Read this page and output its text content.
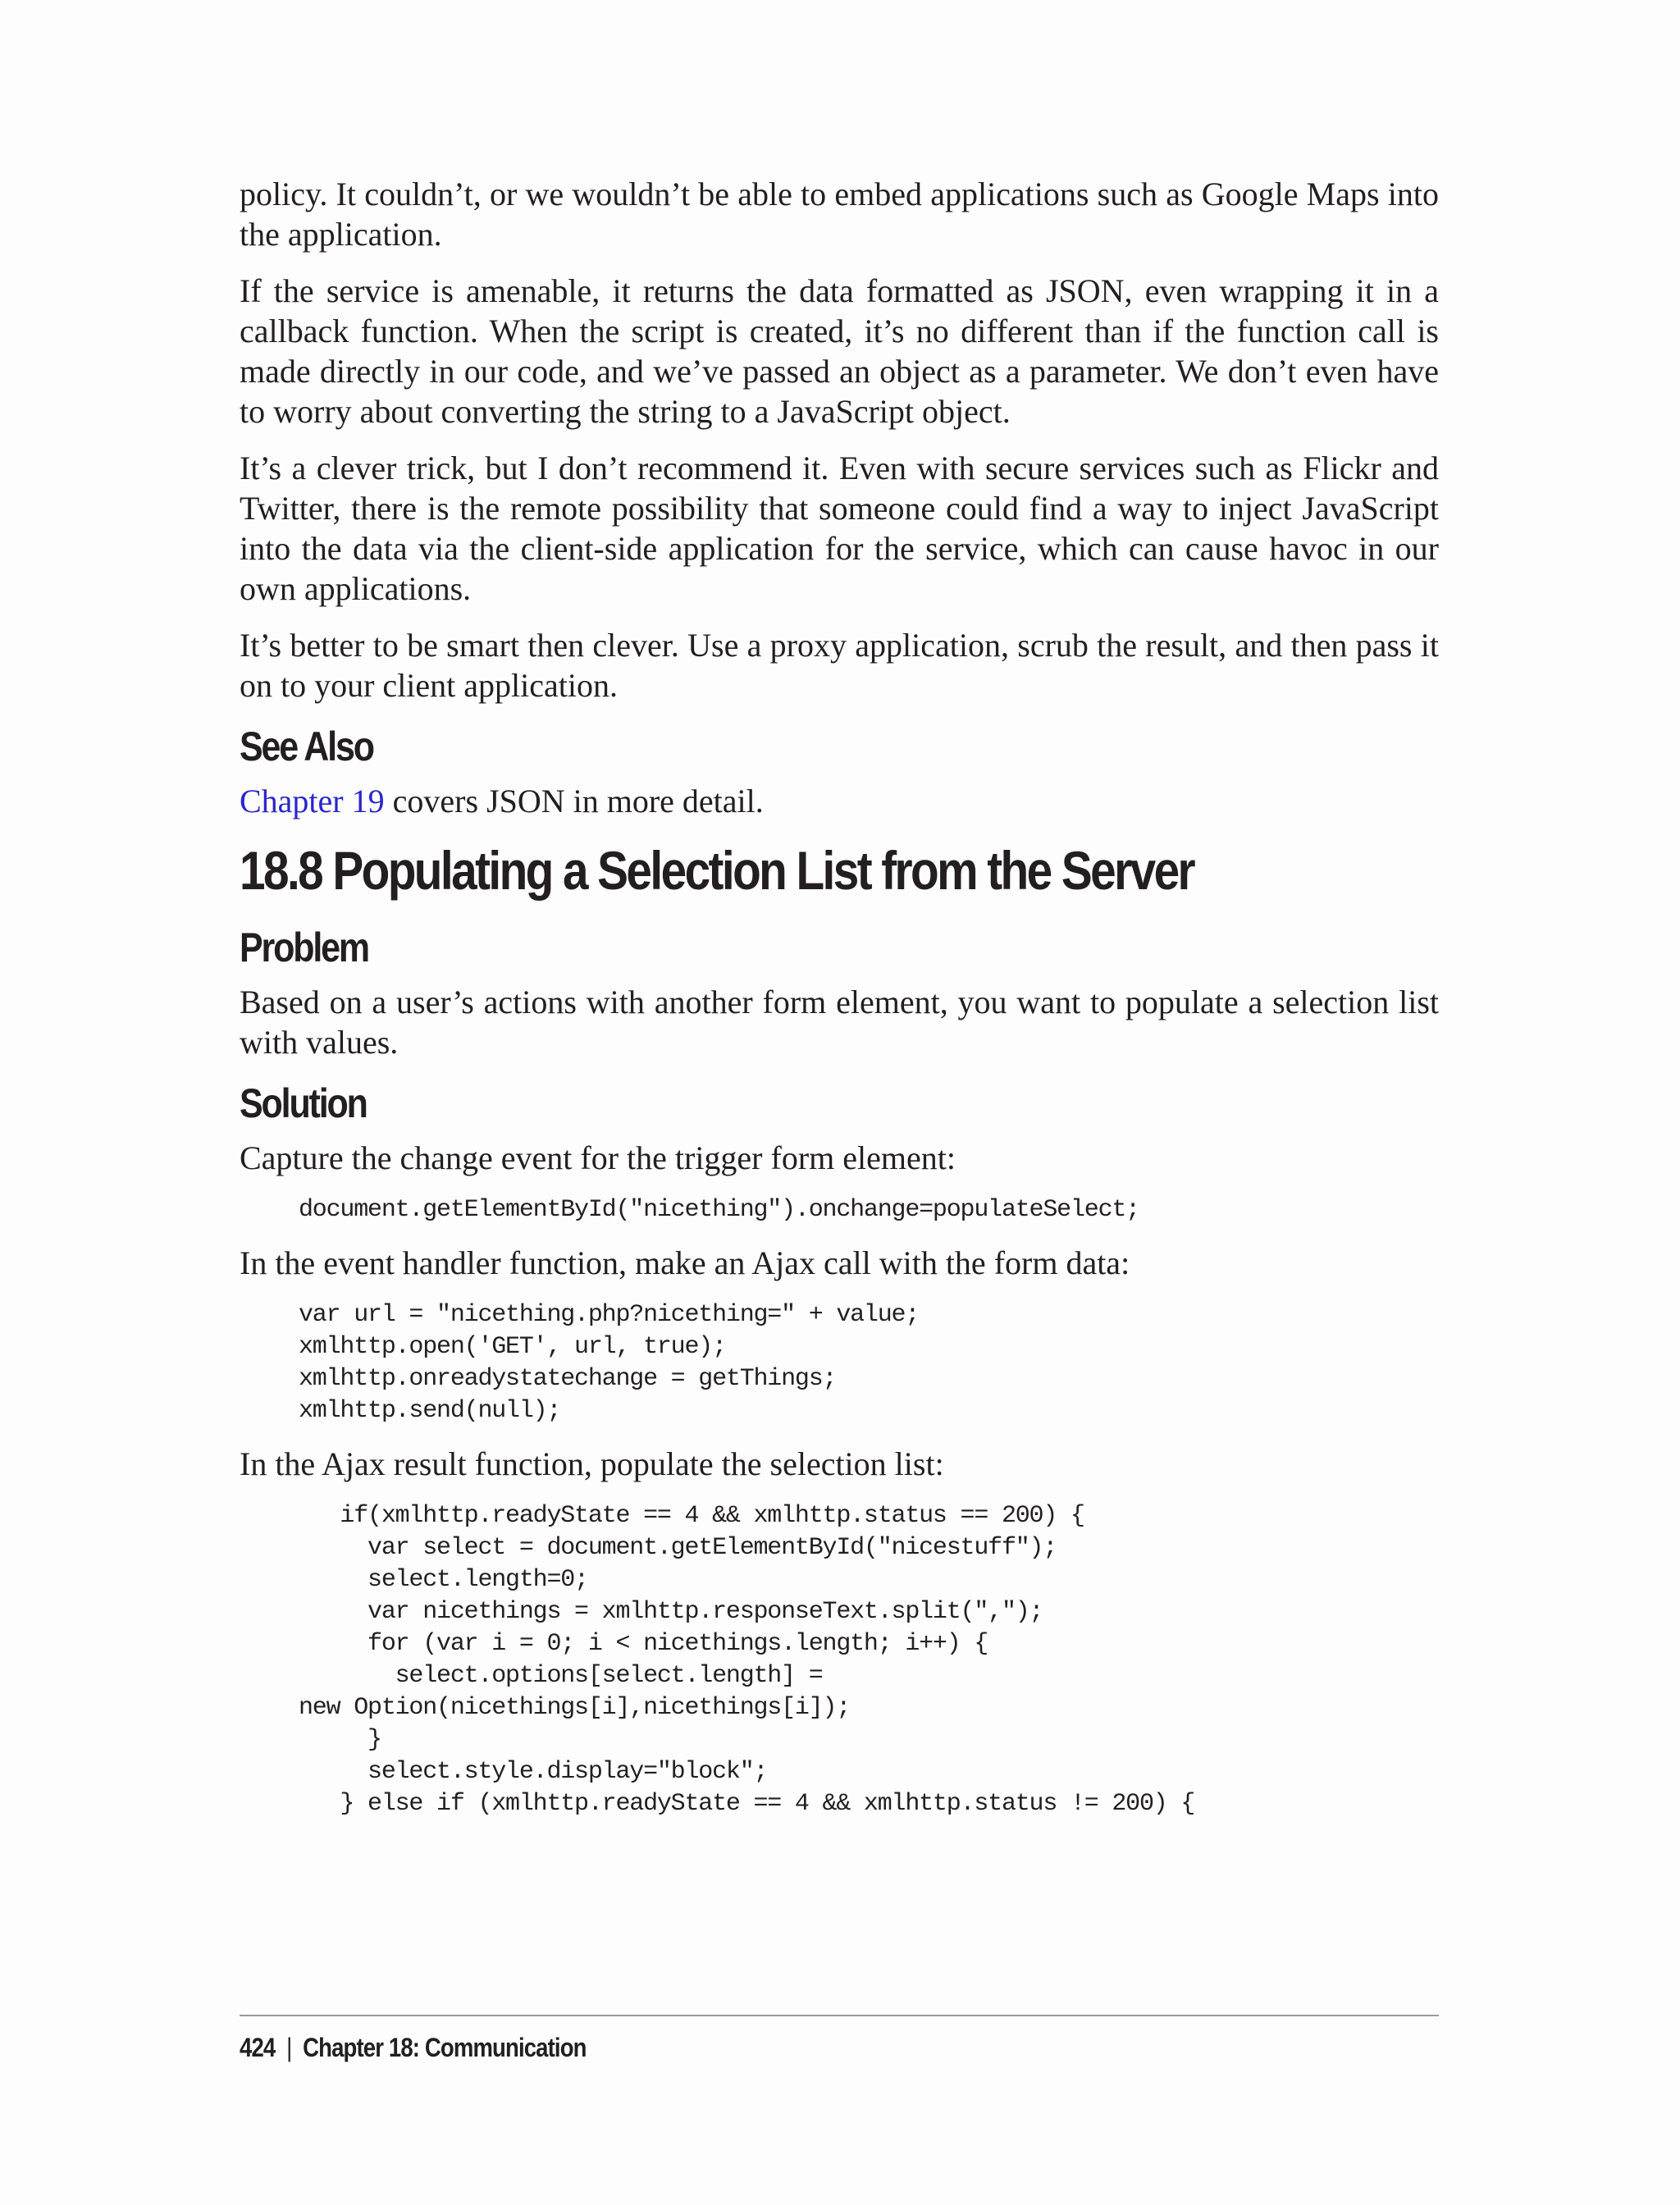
policy. It couldn’t, or we wouldn’t be able to embed applications such as Google Maps into the application.

If the service is amenable, it returns the data formatted as JSON, even wrapping it in a callback function. When the script is created, it’s no different than if the function call is made directly in our code, and we’ve passed an object as a parameter. We don’t even have to worry about converting the string to a JavaScript object.

It’s a clever trick, but I don’t recommend it. Even with secure services such as Flickr and Twitter, there is the remote possibility that someone could find a way to inject JavaScript into the data via the client-side application for the service, which can cause havoc in our own applications.

It’s better to be smart then clever. Use a proxy application, scrub the result, and then pass it on to your client application.

See Also

Chapter 19 covers JSON in more detail.

18.8 Populating a Selection List from the Server
Problem

Based on a user’s actions with another form element, you want to populate a selection list with values.

Solution

Capture the change event for the trigger form element:

document.getElementById("nicething").onchange=populateSelect;

In the event handler function, make an Ajax call with the form data:

var url = "nicething.php?nicething=" + value;
xmlhttp.open('GET', url, true);
xmlhttp.onreadystatechange = getThings;
xmlhttp.send(null);

In the Ajax result function, populate the selection list:

if(xmlhttp.readyState == 4 && xmlhttp.status == 200) {
var select = document.getElementById("nicestuff");
select.length=0;
var nicethings = xmlhttp.responseText.split(",");
for (var i = 0; i < nicethings.length; i++) {
select.options[select.length] =
new Option(nicethings[i],nicethings[i]);
}
select.style.display="block";
} else if (xmlhttp.readyState == 4 && xmlhttp.status != 200) {
424 | Chapter 18: Communication
